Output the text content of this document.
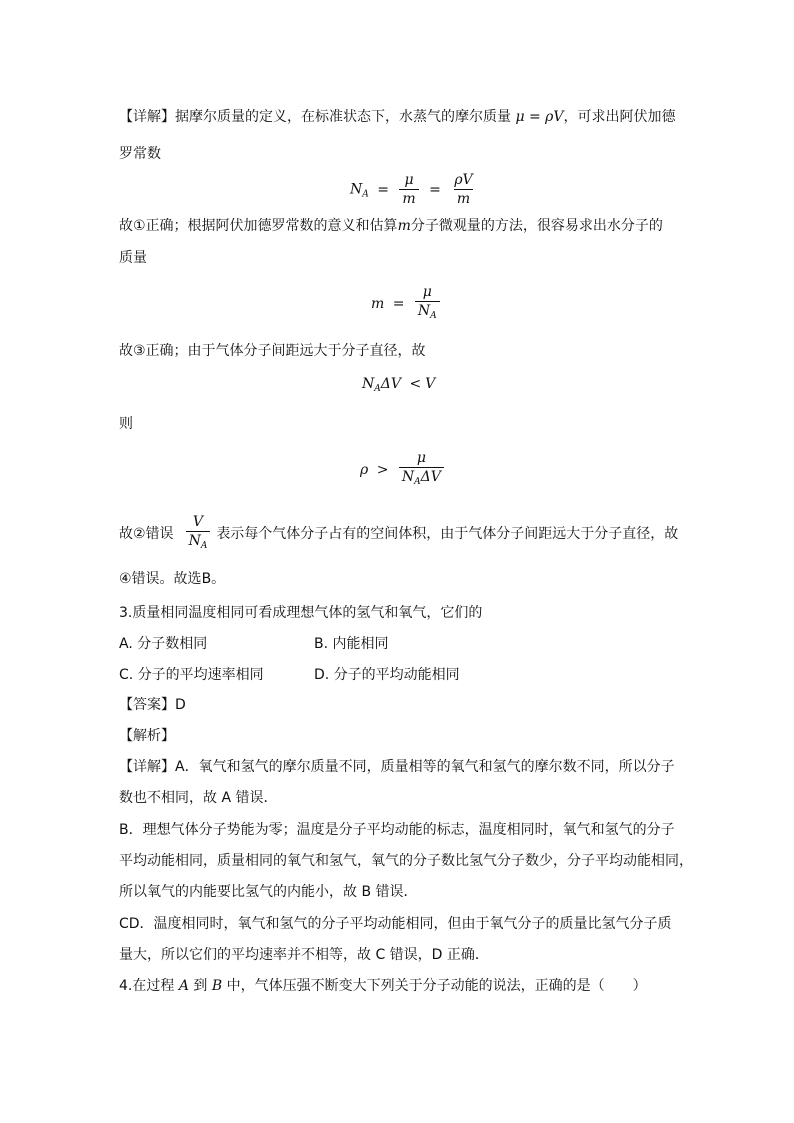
【详解】据摩尔质量的定义，在标准状态下，水蒸气的摩尔质量 μ = ρV，可求出阿伏加德
罗常数
$N_A = \frac{\mu}{m} = \frac{\rho V}{m}$
故①正确；根据阿伏加德罗常数的意义和估算m分子微观量的方法，很容易求出水分子的
质量
$m = \frac{\mu}{N_A}$
故③正确；由于气体分子间距远大于分子直径，故
$N_A\Delta V < V$
则
$\rho > \frac{\mu}{N_A\Delta V}$
故②错误 $\frac{V}{N_A}$ 表示每个气体分子占有的空间体积，由于气体分子间距远大于分子直径，故
④错误。故选B。
3.质量相同温度相同可看成理想气体的氢气和氧气，它们的
A. 分子数相同	B. 内能相同
C. 分子的平均速率相同	D. 分子的平均动能相同
【答案】D
【解析】
【详解】A．氧气和氢气的摩尔质量不同，质量相等的氧气和氢气的摩尔数不同，所以分子
数也不相同，故 A 错误．
B．理想气体分子势能为零；温度是分子平均动能的标志，温度相同时，氧气和氢气的分子
平均动能相同，质量相同的氧气和氢气，氧气的分子数比氢气分子数少，分子平均动能相同，
所以氧气的内能要比氢气的内能小，故 B 错误．
CD．温度相同时，氧气和氢气的分子平均动能相同，但由于氧气分子的质量比氢气分子质
量大，所以它们的平均速率并不相等，故 C 错误，D 正确．
4.在过程 A 到 B 中，气体压强不断变大下列关于分子动能的说法，正确的是（　　）
